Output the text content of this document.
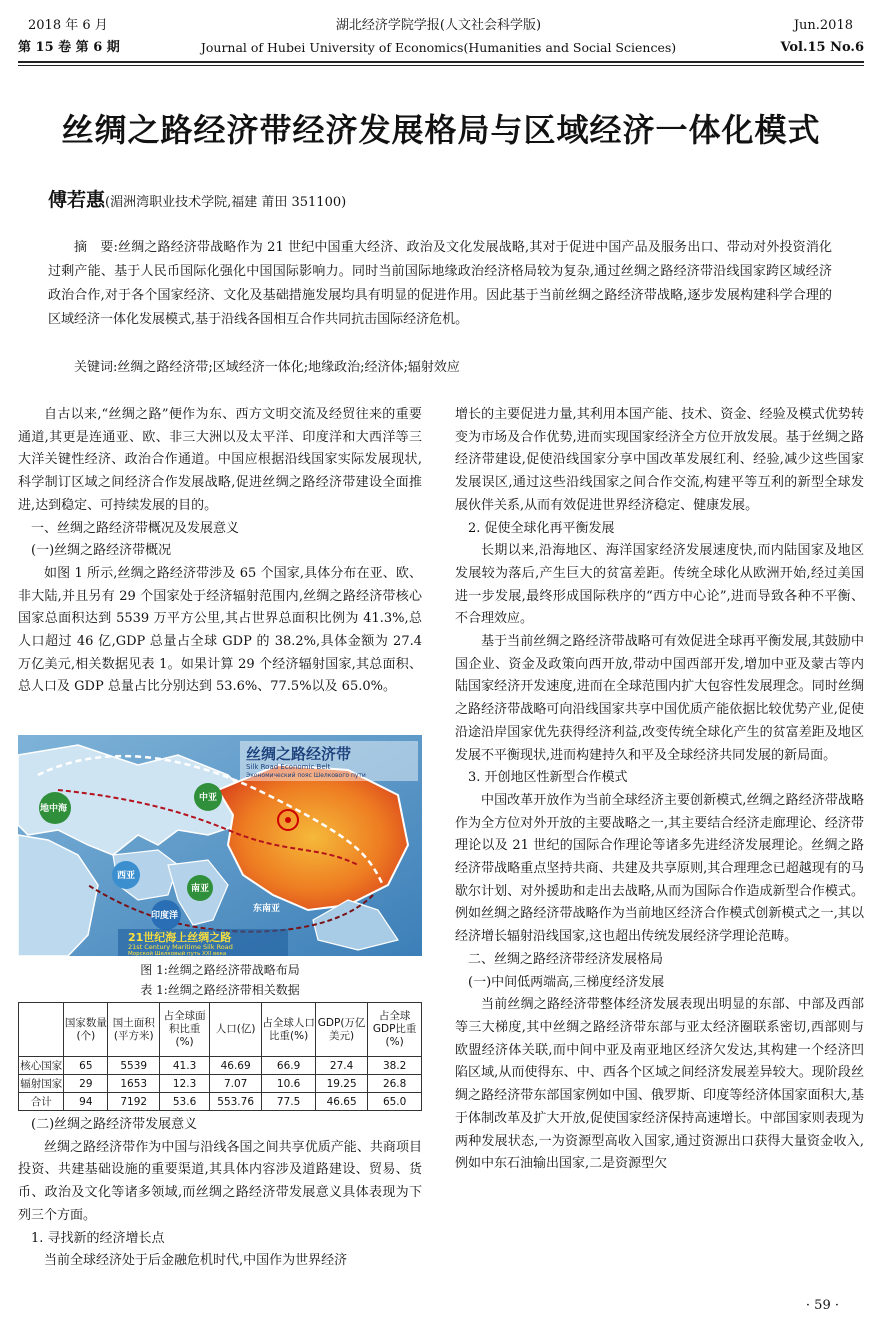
2018 年 6 月
第 15 卷 第 6 期
湖北经济学院学报(人文社会科学版)
Journal of Hubei University of Economics(Humanities and Social Sciences)
Jun.2018
Vol.15 No.6
丝绸之路经济带经济发展格局与区域经济一体化模式
傅若惠(湄洲湾职业技术学院,福建 莆田 351100)
摘　要:丝绸之路经济带战略作为 21 世纪中国重大经济、政治及文化发展战略,其对于促进中国产品及服务出口、带动对外投资消化过剩产能、基于人民币国际化强化中国国际影响力。同时当前国际地缘政治经济格局较为复杂,通过丝绸之路经济带沿线国家跨区域经济政治合作,对于各个国家经济、文化及基础措施发展均具有明显的促进作用。因此基于当前丝绸之路经济带战略,逐步发展构建科学合理的区域经济一体化发展模式,基于沿线各国相互合作共同抗击国际经济危机。
关键词:丝绸之路经济带;区域经济一体化;地缘政治;经济体;辐射效应

自古以来,“丝绸之路”便作为东、西方文明交流及经贸往来的重要通道,其更是连通亚、欧、非三大洲以及太平洋、印度洋和大西洋等三大洋关键性经济、政治合作通道。中国应根据沿线国家实际发展现状,科学制订区域之间经济合作发展战略,促进丝绸之路经济带建设全面推进,达到稳定、可持续发展的目的。

一、丝绸之路经济带概况及发展意义

(一)丝绸之路经济带概况

如图 1 所示,丝绸之路经济带涉及 65 个国家,具体分布在亚、欧、非大陆,并且另有 29 个国家处于经济辐射范围内,丝绸之路经济带核心国家总面积达到 5539 万平方公里,其占世界总面积比例为 41.3%,总人口超过 46 亿,GDP 总量占全球 GDP 的 38.2%,具体金额为 27.4 万亿美元,相关数据见表 1。如果计算 29 个经济辐射国家,其总面积、总人口及 GDP 总量占比分别达到 53.6%、77.5%以及 65.0%。

丝绸之路经济带
Silk Road Economic Belt
Экономический пояс Шелкового пути
地中海
中亚
西亚
南亚
印度洋
东南亚
21世纪海上丝绸之路
21st Century Maritime Silk Road
Морской Шелковый путь XXI века
图 1:丝绸之路经济带战略布局
表 1:丝绸之路经济带相关数据
	国家数量(个)	国土面积(平方米)	占全球面积比重(%)	人口(亿)	占全球人口比重(%)	GDP(万亿美元)	占全球GDP比重(%)
核心国家	65	5539	41.3	46.69	66.9	27.4	38.2
辐射国家	29	1653	12.3	7.07	10.6	19.25	26.8
合计	94	7192	53.6	553.76	77.5	46.65	65.0

(二)丝绸之路经济带发展意义

丝绸之路经济带作为中国与沿线各国之间共享优质产能、共商项目投资、共建基础设施的重要渠道,其具体内容涉及道路建设、贸易、货币、政治及文化等诸多领域,而丝绸之路经济带发展意义具体表现为下列三个方面。

1. 寻找新的经济增长点

当前全球经济处于后金融危机时代,中国作为世界经济

增长的主要促进力量,其利用本国产能、技术、资金、经验及模式优势转变为市场及合作优势,进而实现国家经济全方位开放发展。基于丝绸之路经济带建设,促使沿线国家分享中国改革发展红利、经验,减少这些国家发展误区,通过这些沿线国家之间合作交流,构建平等互利的新型全球发展伙伴关系,从而有效促进世界经济稳定、健康发展。

2. 促使全球化再平衡发展

长期以来,沿海地区、海洋国家经济发展速度快,而内陆国家及地区发展较为落后,产生巨大的贫富差距。传统全球化从欧洲开始,经过美国进一步发展,最终形成国际秩序的“西方中心论”,进而导致各种不平衡、不合理效应。

基于当前丝绸之路经济带战略可有效促进全球再平衡发展,其鼓励中国企业、资金及政策向西开放,带动中国西部开发,增加中亚及蒙古等内陆国家经济开发速度,进而在全球范围内扩大包容性发展理念。同时丝绸之路经济带战略可向沿线国家共享中国优质产能依据比较优势产业,促使沿途沿岸国家优先获得经济利益,改变传统全球化产生的贫富差距及地区发展不平衡现状,进而构建持久和平及全球经济共同发展的新局面。

3. 开创地区性新型合作模式

中国改革开放作为当前全球经济主要创新模式,丝绸之路经济带战略作为全方位对外开放的主要战略之一,其主要结合经济走廊理论、经济带理论以及 21 世纪的国际合作理论等诸多先进经济发展理论。丝绸之路经济带战略重点坚持共商、共建及共享原则,其合理理念已超越现有的马歇尔计划、对外援助和走出去战略,从而为国际合作造成新型合作模式。例如丝绸之路经济带战略作为当前地区经济合作模式创新模式之一,其以经济增长辐射沿线国家,这也超出传统发展经济学理论范畴。

二、丝绸之路经济带经济发展格局

(一)中间低两端高,三梯度经济发展

当前丝绸之路经济带整体经济发展表现出明显的东部、中部及西部等三大梯度,其中丝绸之路经济带东部与亚太经济圈联系密切,西部则与欧盟经济体关联,而中间中亚及南亚地区经济欠发达,其构建一个经济凹陷区域,从而使得东、中、西各个区域之间经济发展差异较大。现阶段丝绸之路经济带东部国家例如中国、俄罗斯、印度等经济体国家面积大,基于体制改革及扩大开放,促使国家经济保持高速增长。中部国家则表现为两种发展状态,一为资源型高收入国家,通过资源出口获得大量资金收入,例如中东石油输出国家,二是资源型欠

· 59 ·
